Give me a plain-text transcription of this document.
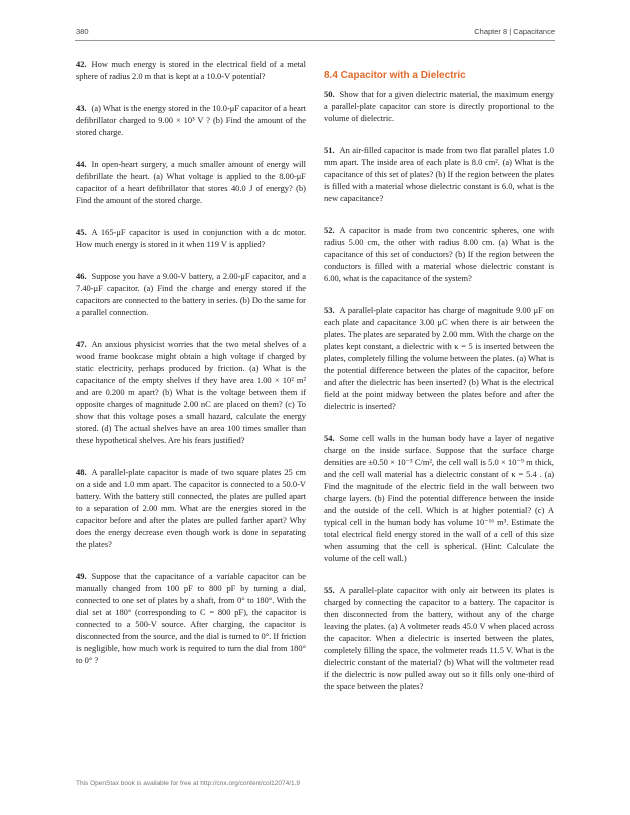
380	Chapter 8 | Capacitance
42. How much energy is stored in the electrical field of a metal sphere of radius 2.0 m that is kept at a 10.0-V potential?
43. (a) What is the energy stored in the 10.0-μF capacitor of a heart defibrillator charged to 9.00 × 10³ V ? (b) Find the amount of the stored charge.
44. In open-heart surgery, a much smaller amount of energy will defibrillate the heart. (a) What voltage is applied to the 8.00-μF capacitor of a heart defibrillator that stores 40.0 J of energy? (b) Find the amount of the stored charge.
45. A 165-μF capacitor is used in conjunction with a dc motor. How much energy is stored in it when 119 V is applied?
46. Suppose you have a 9.00-V battery, a 2.00-μF capacitor, and a 7.40-μF capacitor. (a) Find the charge and energy stored if the capacitors are connected to the battery in series. (b) Do the same for a parallel connection.
47. An anxious physicist worries that the two metal shelves of a wood frame bookcase might obtain a high voltage if charged by static electricity, perhaps produced by friction. (a) What is the capacitance of the empty shelves if they have area 1.00 × 10² m² and are 0.200 m apart? (b) What is the voltage between them if opposite charges of magnitude 2.00 nC are placed on them? (c) To show that this voltage poses a small hazard, calculate the energy stored. (d) The actual shelves have an area 100 times smaller than these hypothetical shelves. Are his fears justified?
48. A parallel-plate capacitor is made of two square plates 25 cm on a side and 1.0 mm apart. The capacitor is connected to a 50.0-V battery. With the battery still connected, the plates are pulled apart to a separation of 2.00 mm. What are the energies stored in the capacitor before and after the plates are pulled farther apart? Why does the energy decrease even though work is done in separating the plates?
49. Suppose that the capacitance of a variable capacitor can be manually changed from 100 pF to 800 pF by turning a dial, connected to one set of plates by a shaft, from 0° to 180°. With the dial set at 180° (corresponding to C = 800 pF), the capacitor is connected to a 500-V source. After charging, the capacitor is disconnected from the source, and the dial is turned to 0°. If friction is negligible, how much work is required to turn the dial from 180° to 0° ?
8.4 Capacitor with a Dielectric
50. Show that for a given dielectric material, the maximum energy a parallel-plate capacitor can store is directly proportional to the volume of dielectric.
51. An air-filled capacitor is made from two flat parallel plates 1.0 mm apart. The inside area of each plate is 8.0 cm². (a) What is the capacitance of this set of plates? (b) If the region between the plates is filled with a material whose dielectric constant is 6.0, what is the new capacitance?
52. A capacitor is made from two concentric spheres, one with radius 5.00 cm, the other with radius 8.00 cm. (a) What is the capacitance of this set of conductors? (b) If the region between the conductors is filled with a material whose dielectric constant is 6.00, what is the capacitance of the system?
53. A parallel-plate capacitor has charge of magnitude 9.00 μF on each plate and capacitance 3.00 μC when there is air between the plates. The plates are separated by 2.00 mm. With the charge on the plates kept constant, a dielectric with κ = 5 is inserted between the plates, completely filling the volume between the plates. (a) What is the potential difference between the plates of the capacitor, before and after the dielectric has been inserted? (b) What is the electrical field at the point midway between the plates before and after the dielectric is inserted?
54. Some cell walls in the human body have a layer of negative charge on the inside surface. Suppose that the surface charge densities are ±0.50 × 10⁻³ C/m², the cell wall is 5.0 × 10⁻⁹ m thick, and the cell wall material has a dielectric constant of κ = 5.4 . (a) Find the magnitude of the electric field in the wall between two charge layers. (b) Find the potential difference between the inside and the outside of the cell. Which is at higher potential? (c) A typical cell in the human body has volume 10⁻¹⁶ m³. Estimate the total electrical field energy stored in the wall of a cell of this size when assuming that the cell is spherical. (Hint: Calculate the volume of the cell wall.)
55. A parallel-plate capacitor with only air between its plates is charged by connecting the capacitor to a battery. The capacitor is then disconnected from the battery, without any of the charge leaving the plates. (a) A voltmeter reads 45.0 V when placed across the capacitor. When a dielectric is inserted between the plates, completely filling the space, the voltmeter reads 11.5 V. What is the dielectric constant of the material? (b) What will the voltmeter read if the dielectric is now pulled away out so it fills only one-third of the space between the plates?
This OpenStax book is available for free at http://cnx.org/content/col12074/1.9
